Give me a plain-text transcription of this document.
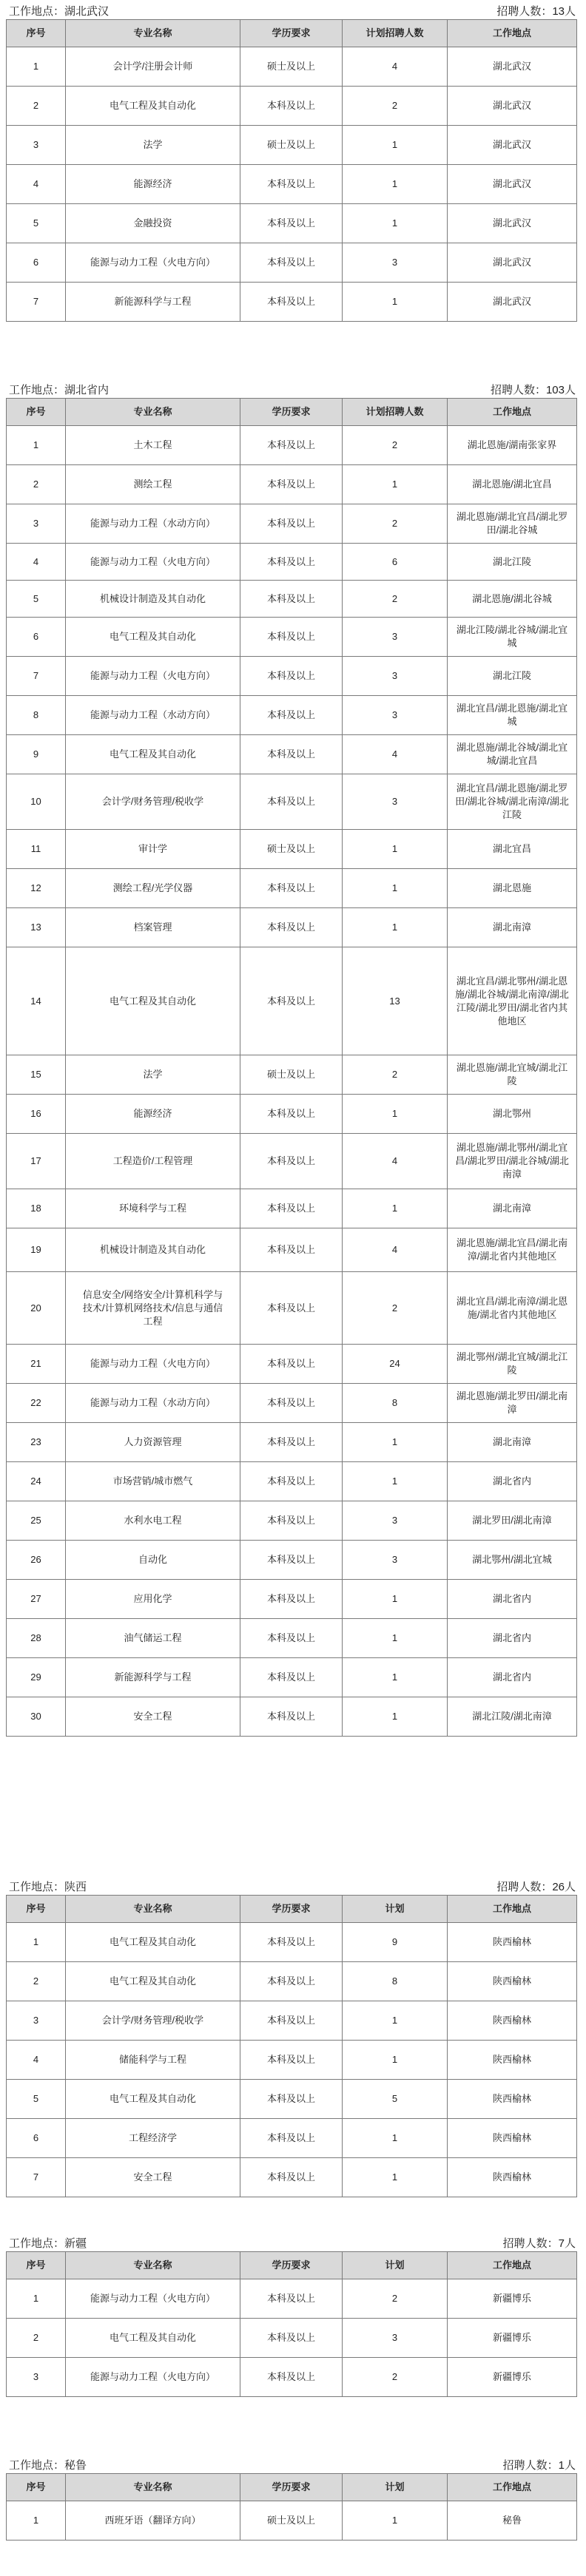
工作地点：湖北武汉	招聘人数：13人
序号	专业名称	学历要求	计划招聘人数	工作地点
1	会计学/注册会计师	硕士及以上	4	湖北武汉
2	电气工程及其自动化	本科及以上	2	湖北武汉
3	法学	硕士及以上	1	湖北武汉
4	能源经济	本科及以上	1	湖北武汉
5	金融投资	本科及以上	1	湖北武汉
6	能源与动力工程（火电方向）	本科及以上	3	湖北武汉
7	新能源科学与工程	本科及以上	1	湖北武汉
工作地点：湖北省内	招聘人数：103人
序号	专业名称	学历要求	计划招聘人数	工作地点
1	土木工程	本科及以上	2	湖北恩施/湖南张家界
2	测绘工程	本科及以上	1	湖北恩施/湖北宜昌
3	能源与动力工程（水动方向）	本科及以上	2	湖北恩施/湖北宜昌/湖北罗田/湖北谷城
4	能源与动力工程（火电方向）	本科及以上	6	湖北江陵
5	机械设计制造及其自动化	本科及以上	2	湖北恩施/湖北谷城
6	电气工程及其自动化	本科及以上	3	湖北江陵/湖北谷城/湖北宜城
7	能源与动力工程（火电方向）	本科及以上	3	湖北江陵
8	能源与动力工程（水动方向）	本科及以上	3	湖北宜昌/湖北恩施/湖北宜城
9	电气工程及其自动化	本科及以上	4	湖北恩施/湖北谷城/湖北宜城/湖北宜昌
10	会计学/财务管理/税收学	本科及以上	3	湖北宜昌/湖北恩施/湖北罗田/湖北谷城/湖北南漳/湖北江陵
11	审计学	硕士及以上	1	湖北宜昌
12	测绘工程/光学仪器	本科及以上	1	湖北恩施
13	档案管理	本科及以上	1	湖北南漳
14	电气工程及其自动化	本科及以上	13	湖北宜昌/湖北鄂州/湖北恩施/湖北谷城/湖北南漳/湖北江陵/湖北罗田/湖北省内其他地区
15	法学	硕士及以上	2	湖北恩施/湖北宜城/湖北江陵
16	能源经济	本科及以上	1	湖北鄂州
17	工程造价/工程管理	本科及以上	4	湖北恩施/湖北鄂州/湖北宜昌/湖北罗田/湖北谷城/湖北南漳
18	环境科学与工程	本科及以上	1	湖北南漳
19	机械设计制造及其自动化	本科及以上	4	湖北恩施/湖北宜昌/湖北南漳/湖北省内其他地区
20	信息安全/网络安全/计算机科学与技术/计算机网络技术/信息与通信工程	本科及以上	2	湖北宜昌/湖北南漳/湖北恩施/湖北省内其他地区
21	能源与动力工程（火电方向）	本科及以上	24	湖北鄂州/湖北宜城/湖北江陵
22	能源与动力工程（水动方向）	本科及以上	8	湖北恩施/湖北罗田/湖北南漳
23	人力资源管理	本科及以上	1	湖北南漳
24	市场营销/城市燃气	本科及以上	1	湖北省内
25	水利水电工程	本科及以上	3	湖北罗田/湖北南漳
26	自动化	本科及以上	3	湖北鄂州/湖北宜城
27	应用化学	本科及以上	1	湖北省内
28	油气储运工程	本科及以上	1	湖北省内
29	新能源科学与工程	本科及以上	1	湖北省内
30	安全工程	本科及以上	1	湖北江陵/湖北南漳
工作地点：陕西	招聘人数：26人
序号	专业名称	学历要求	计划	工作地点
1	电气工程及其自动化	本科及以上	9	陕西榆林
2	电气工程及其自动化	本科及以上	8	陕西榆林
3	会计学/财务管理/税收学	本科及以上	1	陕西榆林
4	储能科学与工程	本科及以上	1	陕西榆林
5	电气工程及其自动化	本科及以上	5	陕西榆林
6	工程经济学	本科及以上	1	陕西榆林
7	安全工程	本科及以上	1	陕西榆林
工作地点：新疆	招聘人数：7人
序号	专业名称	学历要求	计划	工作地点
1	能源与动力工程（火电方向）	本科及以上	2	新疆博乐
2	电气工程及其自动化	本科及以上	3	新疆博乐
3	能源与动力工程（火电方向）	本科及以上	2	新疆博乐
工作地点：秘鲁	招聘人数：1人
序号	专业名称	学历要求	计划	工作地点
1	西班牙语（翻译方向）	硕士及以上	1	秘鲁
